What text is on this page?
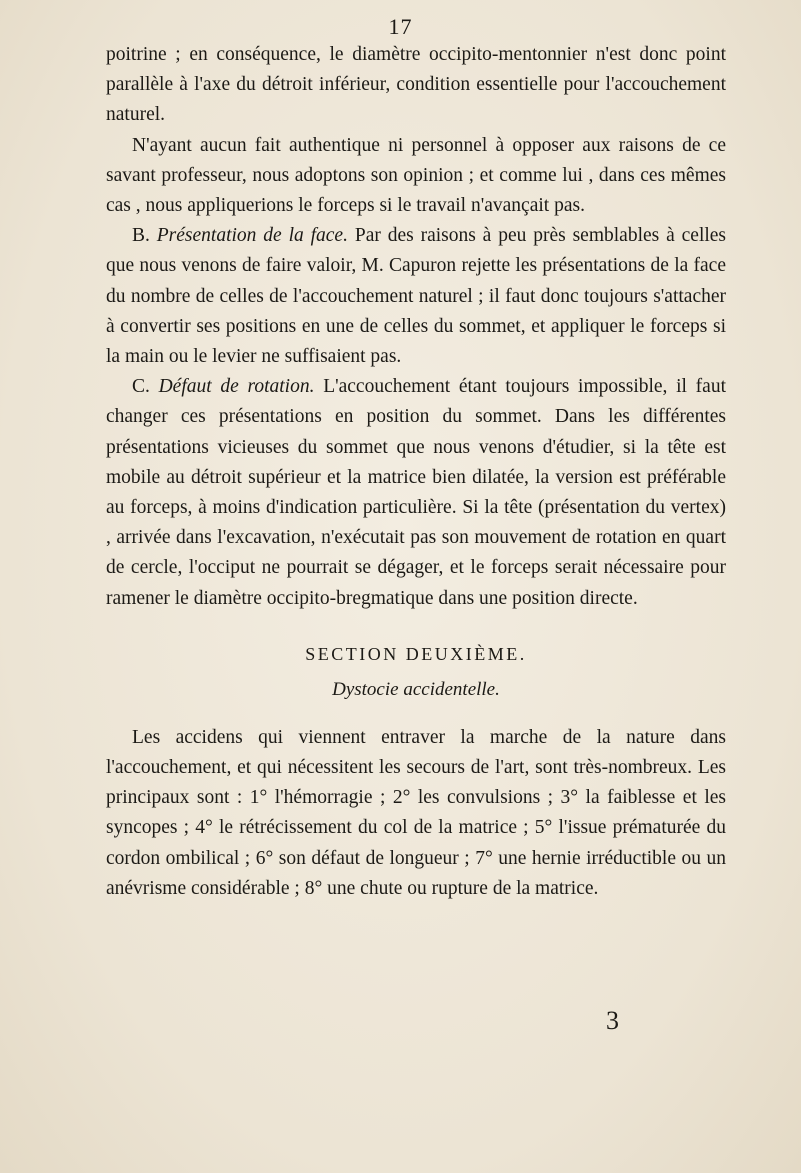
17

poitrine ; en conséquence, le diamètre occipito-mentonnier n'est donc point parallèle à l'axe du détroit inférieur, condition essentielle pour l'accouchement naturel.

N'ayant aucun fait authentique ni personnel à opposer aux raisons de ce savant professeur, nous adoptons son opinion ; et comme lui , dans ces mêmes cas , nous appliquerions le forceps si le travail n'avançait pas.

B. Présentation de la face. Par des raisons à peu près semblables à celles que nous venons de faire valoir, M. Capuron rejette les présentations de la face du nombre de celles de l'accouchement naturel ; il faut donc toujours s'attacher à convertir ses positions en une de celles du sommet, et appliquer le forceps si la main ou le levier ne suffisaient pas.

C. Défaut de rotation. L'accouchement étant toujours impossible, il faut changer ces présentations en position du sommet. Dans les différentes présentations vicieuses du sommet que nous venons d'étudier, si la tête est mobile au détroit supérieur et la matrice bien dilatée, la version est préférable au forceps, à moins d'indication particulière. Si la tête (présentation du vertex) , arrivée dans l'excavation, n'exécutait pas son mouvement de rotation en quart de cercle, l'occiput ne pourrait se dégager, et le forceps serait nécessaire pour ramener le diamètre occipito-bregmatique dans une position directe.

SECTION DEUXIÈME.
Dystocie accidentelle.

Les accidens qui viennent entraver la marche de la nature dans l'accouchement, et qui nécessitent les secours de l'art, sont très-nombreux. Les principaux sont : 1° l'hémorragie ; 2° les convulsions ; 3° la faiblesse et les syncopes ; 4° le rétrécissement du col de la matrice ; 5° l'issue prématurée du cordon ombilical ; 6° son défaut de longueur ; 7° une hernie irréductible ou un anévrisme considérable ; 8° une chute ou rupture de la matrice.

3
